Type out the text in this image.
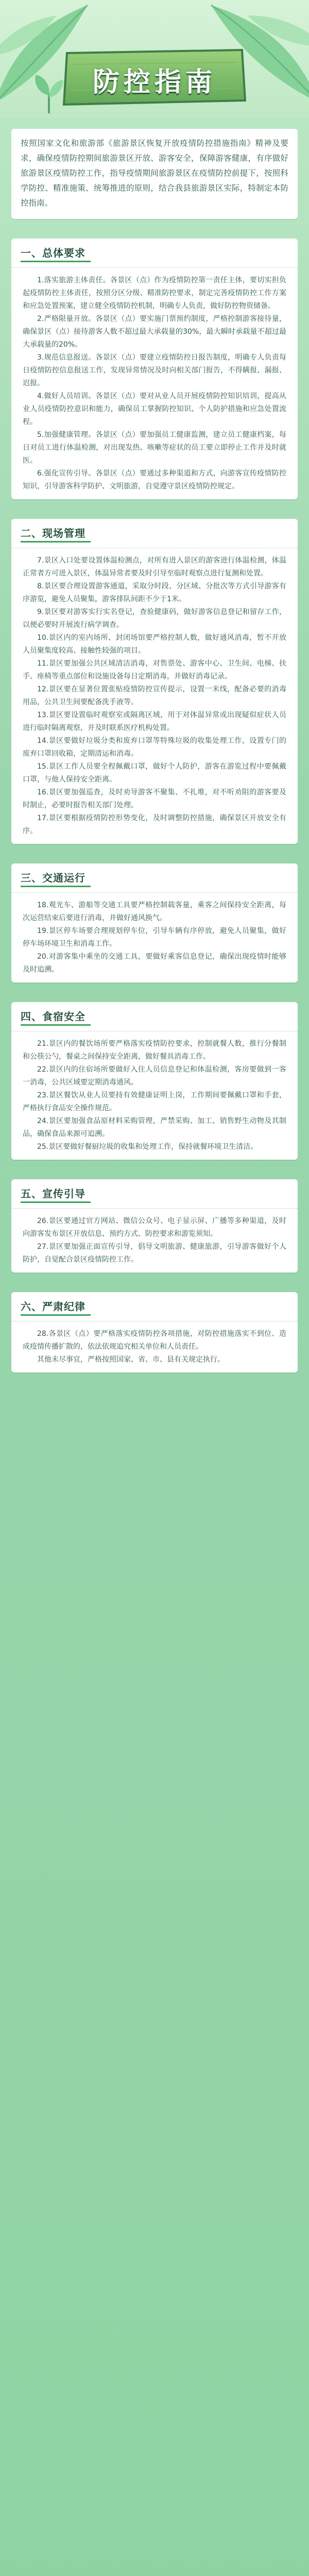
防控指南

按照国家文化和旅游部《旅游景区恢复开放疫情防控措施指南》精神及要求，确保疫情防控期间旅游景区开放、游客安全，保障游客健康，有序做好旅游景区疫情防控工作，指导疫情期间旅游景区在疫情防控前提下，按照科学防控、精准施策、统筹推进的原则，结合我县旅游景区实际，特制定本防控指南。

一、总体要求

1.落实旅游主体责任。各景区（点）作为疫情防控第一责任主体，要切实担负起疫情防控主体责任，按照分区分级、精准防控要求，制定完善疫情防控工作方案和应急处置预案，建立健全疫情防控机制，明确专人负责，做好防控物资储备。

2.严格限量开放。各景区（点）要实施门票预约制度，严格控制游客接待量，确保景区（点）接待游客人数不超过最大承载量的30%，最大瞬时承载量不超过最大承载量的20%。

3.规范信息报送。各景区（点）要建立疫情防控日报告制度，明确专人负责每日疫情防控信息报送工作，发现异常情况及时向相关部门报告，不得瞒报、漏报、迟报。

4.做好人员培训。各景区（点）要对从业人员开展疫情防控知识培训，提高从业人员疫情防控意识和能力，确保员工掌握防控知识、个人防护措施和应急处置流程。

5.加强健康管理。各景区（点）要加强员工健康监测，建立员工健康档案，每日对员工进行体温检测，对出现发热、咳嗽等症状的员工要立即停止工作并及时就医。

6.强化宣传引导。各景区（点）要通过多种渠道和方式，向游客宣传疫情防控知识，引导游客科学防护、文明旅游，自觉遵守景区疫情防控规定。

二、现场管理

7.景区入口处要设置体温检测点，对所有进入景区的游客进行体温检测，体温正常者方可进入景区，体温异常者要及时引导至临时观察点进行复测和处置。

8.景区要合理设置游客通道，采取分时段、分区域、分批次等方式引导游客有序游览，避免人员聚集，游客排队间距不少于1米。

9.景区要对游客实行实名登记，查验健康码，做好游客信息登记和留存工作，以便必要时开展流行病学调查。

10.景区内的室内场所、封闭场馆要严格控制人数，做好通风消毒，暂不开放人员聚集度较高、接触性较强的项目。

11.景区要加强公共区域清洁消毒，对售票处、游客中心、卫生间、电梯、扶手、座椅等重点部位和设施设备每日定期消毒，并做好消毒记录。

12.景区要在显著位置张贴疫情防控宣传提示，设置一米线，配备必要的消毒用品，公共卫生间要配备洗手液等。

13.景区要设置临时观察室或隔离区域，用于对体温异常或出现疑似症状人员进行临时隔离观察，并及时联系医疗机构处置。

14.景区要做好垃圾分类和废弃口罩等特殊垃圾的收集处理工作，设置专门的废弃口罩回收箱，定期清运和消毒。

15.景区工作人员要全程佩戴口罩，做好个人防护，游客在游览过程中要佩戴口罩，与他人保持安全距离。

16.景区要加强巡查，及时劝导游客不聚集、不扎堆，对不听劝阻的游客要及时制止，必要时报告相关部门处理。

17.景区要根据疫情防控形势变化，及时调整防控措施，确保景区开放安全有序。

三、交通运行

18.观光车、游船等交通工具要严格控制载客量，乘客之间保持安全距离，每次运营结束后要进行消毒，并做好通风换气。

19.景区停车场要合理规划停车位，引导车辆有序停放，避免人员聚集，做好停车场环境卫生和消毒工作。

20.对游客集中乘坐的交通工具，要做好乘客信息登记，确保出现疫情时能够及时追溯。

四、食宿安全

21.景区内的餐饮场所要严格落实疫情防控要求，控制就餐人数，推行分餐制和公筷公勺，餐桌之间保持安全距离，做好餐具消毒工作。

22.景区内的住宿场所要做好入住人员信息登记和体温检测，客房要做到一客一消毒，公共区域要定期消毒通风。

23.景区餐饮从业人员要持有效健康证明上岗，工作期间要佩戴口罩和手套，严格执行食品安全操作规范。

24.景区要加强食品原材料采购管理，严禁采购、加工、销售野生动物及其制品，确保食品来源可追溯。

25.景区要做好餐厨垃圾的收集和处理工作，保持就餐环境卫生清洁。

五、宣传引导

26.景区要通过官方网站、微信公众号、电子显示屏、广播等多种渠道，及时向游客发布景区开放信息、预约方式、防控要求和游览须知。

27.景区要加强正面宣传引导，倡导文明旅游、健康旅游，引导游客做好个人防护，自觉配合景区疫情防控工作。

六、严肃纪律

28.各景区（点）要严格落实疫情防控各项措施，对防控措施落实不到位、造成疫情传播扩散的，依法依规追究相关单位和人员责任。

其他未尽事宜，严格按照国家、省、市、县有关规定执行。
